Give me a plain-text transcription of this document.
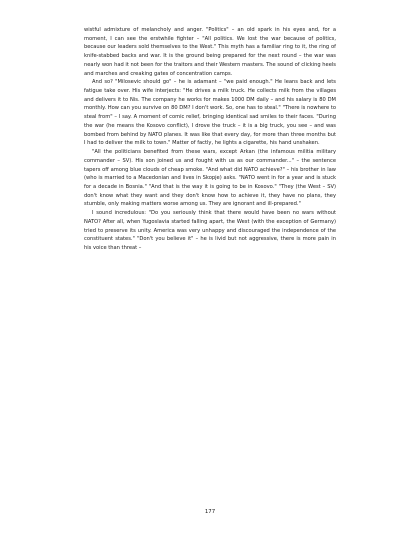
wistful admixture of melancholy and anger. "Politics" – an old spark in his eyes and, for a moment, I can see the erstwhile fighter – "All politics. We lost the war because of politics, because our leaders sold themselves to the West." This myth has a familiar ring to it, the ring of knife-stabbed backs and war. It is the ground being prepared for the next round – the war was nearly won had it not been for the traitors and their Western masters. The sound of clicking heels and marches and creaking gates of concentration camps.

And so? "Milosevic should go" – he is adamant – "we paid enough." He leans back and lets fatigue take over. His wife interjects: "He drives a milk truck. He collects milk from the villages and delivers it to Nis. The company he works for makes 1000 DM daily – and his salary is 80 DM monthly. How can you survive on 80 DM? I don't work. So, one has to steal." "There is nowhere to steal from" – I say. A moment of comic relief, bringing identical sad smiles to their faces. "During the war (he means the Kosovo conflict), I drove the truck – it is a big truck, you see – and was bombed from behind by NATO planes. It was like that every day, for more than three months but I had to deliver the milk to town." Matter of factly, he lights a cigarette, his hand unshaken.

"All the politicians benefited from these wars, except Arkan (the infamous militia military commander – SV). His son joined us and fought with us as our commander..." – the sentence tapers off among blue clouds of cheap smoke. "And what did NATO achieve?" – his brother in law (who is married to a Macedonian and lives in Skopje) asks. "NATO went in for a year and is stuck for a decade in Bosnia." "And that is the way it is going to be in Kosovo." "They (the West – SV) don't know what they want and they don't know how to achieve it, they have no plans, they stumble, only making matters worse among us. They are ignorant and ill-prepared."

I sound incredulous: "Do you seriously think that there would have been no wars without NATO? After all, when Yugoslavia started falling apart, the West (with the exception of Germany) tried to preserve its unity. America was very unhappy and discouraged the independence of the constituent states." "Don't you believe it" – he is livid but not aggressive, there is more pain in his voice than threat –

177
